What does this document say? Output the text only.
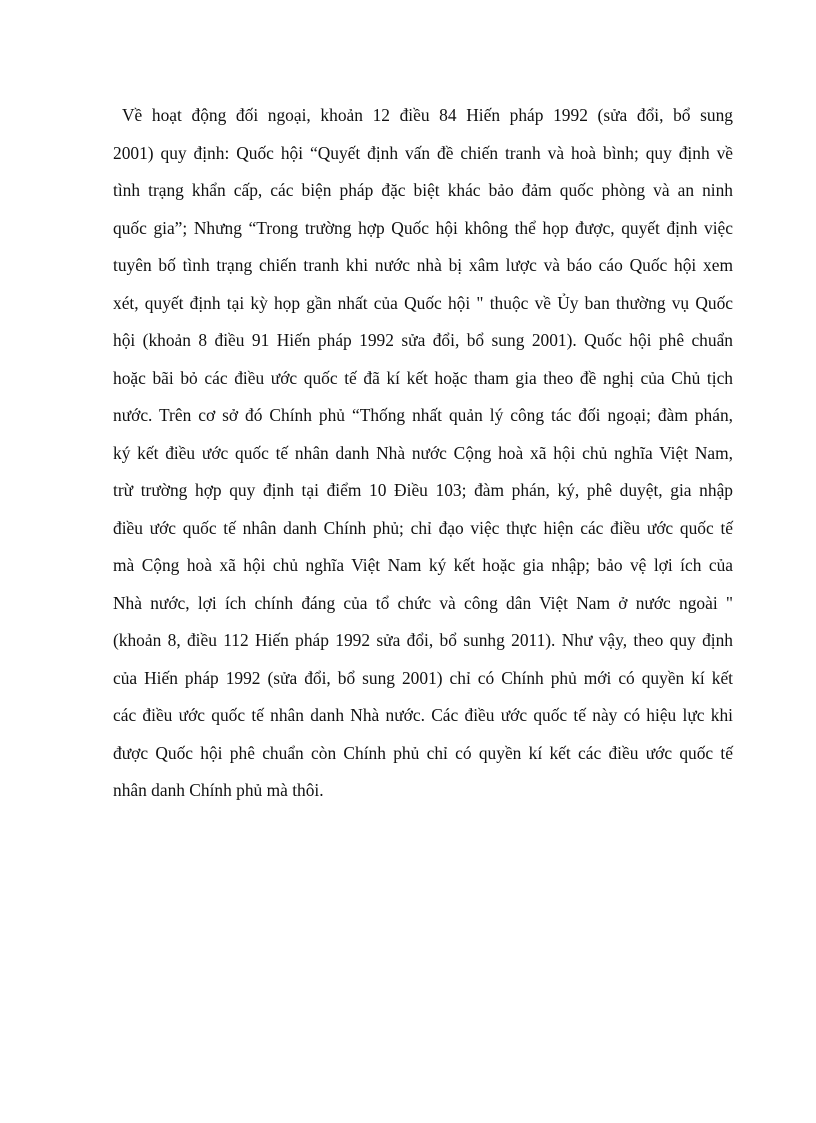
Về hoạt động đối ngoại, khoản 12 điều 84 Hiến pháp 1992 (sửa đổi, bổ sung
2001) quy định: Quốc hội “Quyết định vấn đề chiến tranh và hoà bình; quy định về
tình trạng khẩn cấp, các biện pháp đặc biệt khác bảo đảm quốc phòng và an ninh
quốc gia”; Nhưng “Trong trường hợp Quốc hội không thể họp được, quyết định việc
tuyên bố tình trạng chiến tranh khi nước nhà bị xâm lược và báo cáo Quốc hội xem
xét, quyết định tại kỳ họp gần nhất của Quốc hội " thuộc về Ủy ban thường vụ Quốc
hội (khoản 8 điều 91 Hiến pháp 1992 sửa đổi, bổ sung 2001). Quốc hội phê chuẩn
hoặc bãi bỏ các điều ước quốc tế đã kí kết hoặc tham gia theo đề nghị của Chủ tịch
nước. Trên cơ sở đó Chính phủ “Thống nhất quản lý công tác đối ngoại; đàm phán,
ký kết điều ước quốc tế nhân danh Nhà nước Cộng hoà xã hội chủ nghĩa Việt Nam,
trừ trường hợp quy định tại điểm 10 Điều 103; đàm phán, ký, phê duyệt, gia nhập
điều ước quốc tế nhân danh Chính phủ; chỉ đạo việc thực hiện các điều ước quốc tế
mà Cộng hoà xã hội chủ nghĩa Việt Nam ký kết hoặc gia nhập; bảo vệ lợi ích của
Nhà nước, lợi ích chính đáng của tổ chức và công dân Việt Nam ở nước ngoài "
(khoản 8, điều 112 Hiến pháp 1992 sửa đổi, bổ sunhg 2011). Như vậy, theo quy định
của Hiến pháp 1992 (sửa đổi, bổ sung 2001) chỉ có Chính phủ mới có quyền kí kết
các điều ước quốc tế nhân danh Nhà nước. Các điều ước quốc tế này có hiệu lực khi
được Quốc hội phê chuẩn còn Chính phủ chỉ có quyền kí kết các điều ước quốc tế
nhân danh Chính phủ mà thôi.
